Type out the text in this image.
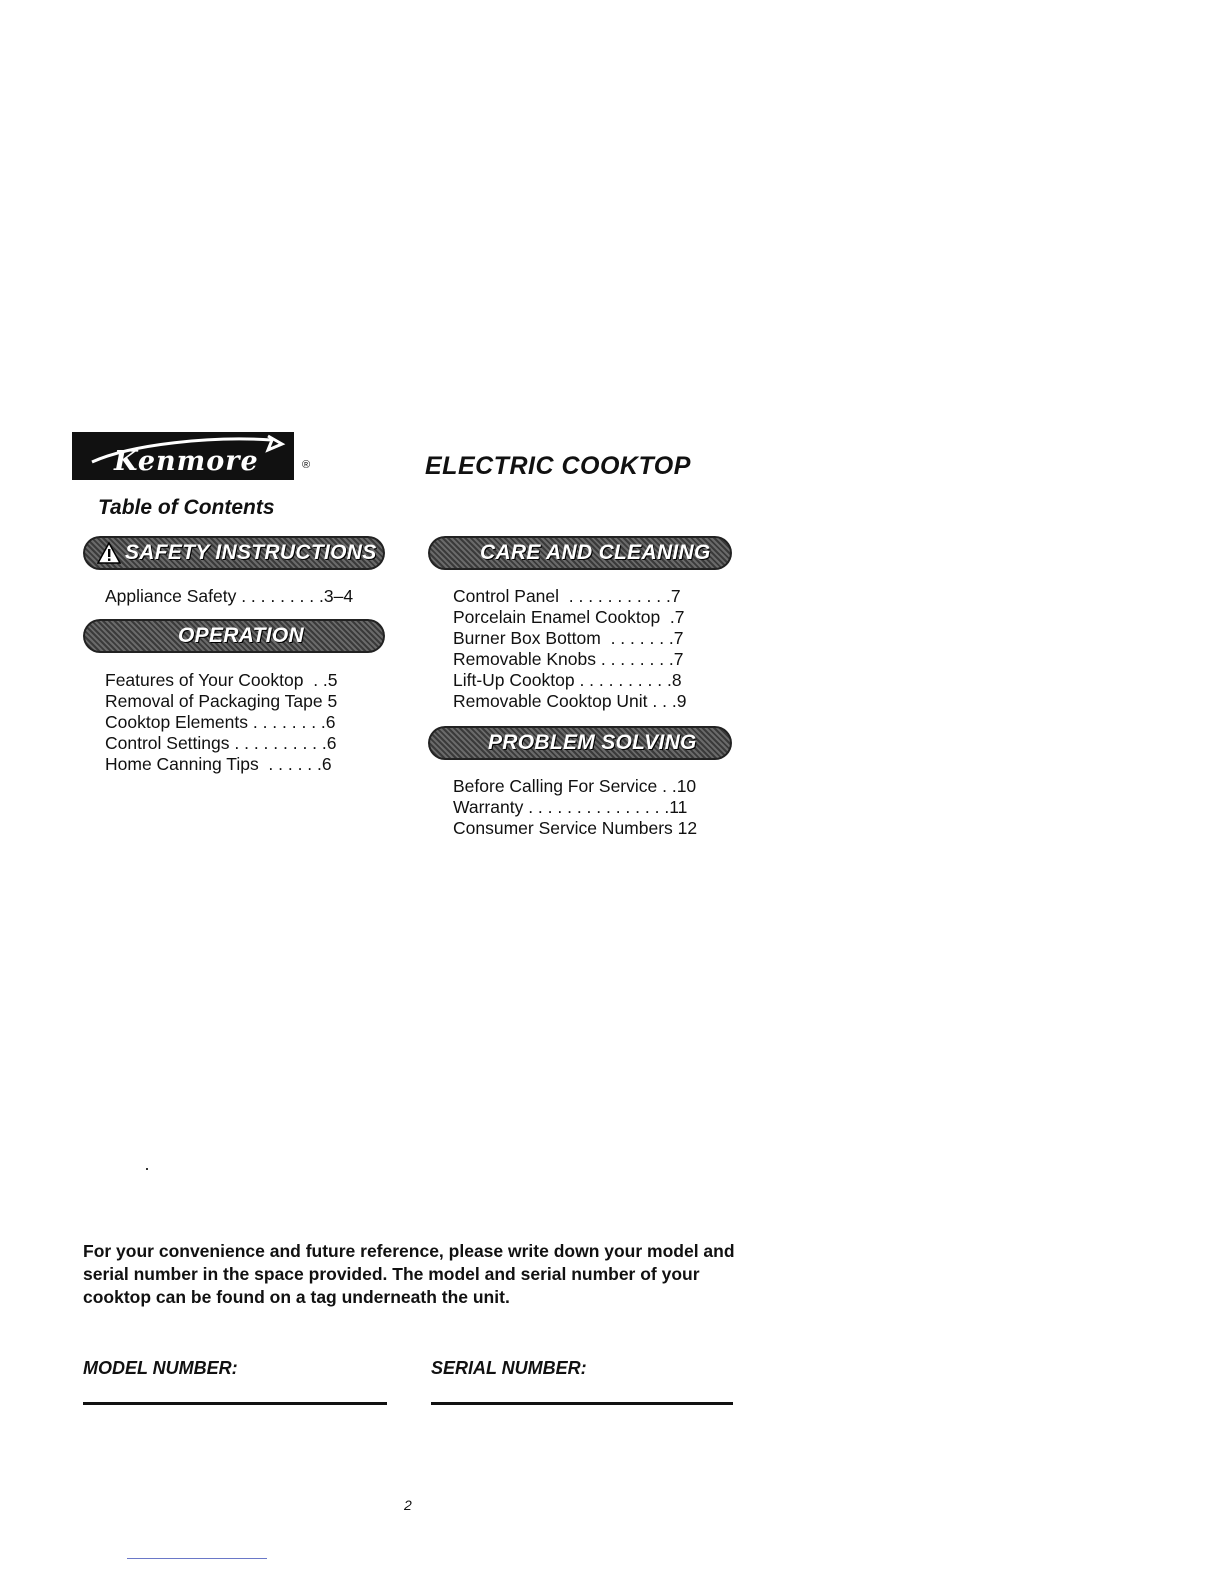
Kenmore	®	ELECTRIC COOKTOP
Table of Contents
SAFETY INSTRUCTIONS
Appliance Safety . . . . . . . . .3–4
OPERATION
Features of Your Cooktop  . .5
Removal of Packaging Tape 5
Cooktop Elements . . . . . . . .6
Control Settings . . . . . . . . . .6
Home Canning Tips  . . . . . .6
CARE AND CLEANING
Control Panel  . . . . . . . . . . .7
Porcelain Enamel Cooktop  .7
Burner Box Bottom  . . . . . . .7
Removable Knobs . . . . . . . .7
Lift-Up Cooktop . . . . . . . . . .8
Removable Cooktop Unit . . .9
PROBLEM SOLVING
Before Calling For Service . .10
Warranty . . . . . . . . . . . . . . .11
Consumer Service Numbers 12

For your convenience and future reference, please write down your model and serial number in the space provided. The model and serial number of your cooktop can be found on a tag underneath the unit.

MODEL NUMBER:	SERIAL NUMBER:
2
